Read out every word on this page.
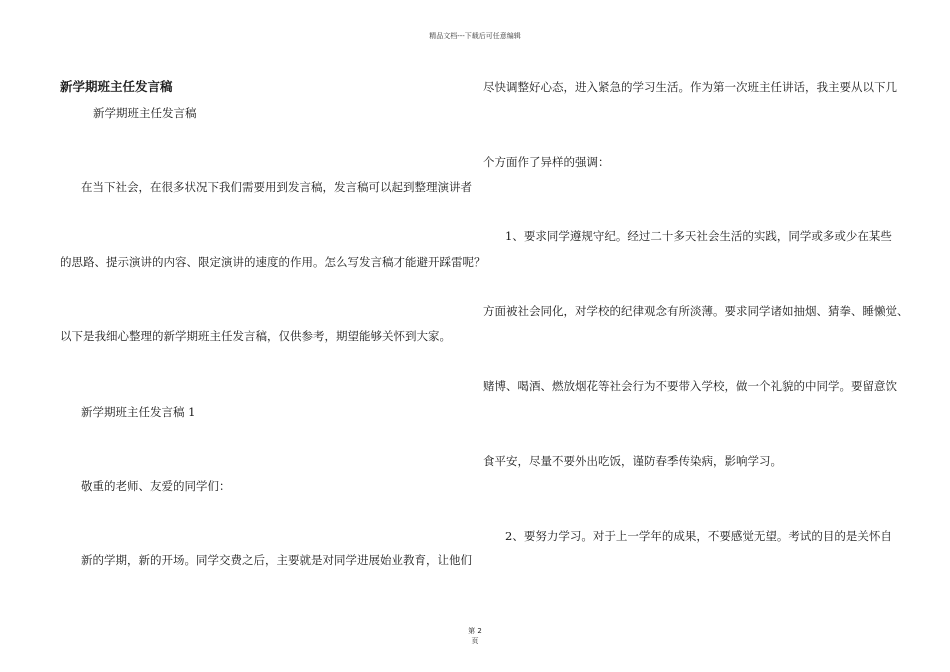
精品文档---下载后可任意编辑
新学期班主任发言稿
新学期班主任发言稿
在当下社会，在很多状况下我们需要用到发言稿，发言稿可以起到整理演讲者
的思路、提示演讲的内容、限定演讲的速度的作用。怎么写发言稿才能避开踩雷呢？
以下是我细心整理的新学期班主任发言稿，仅供参考，期望能够关怀到大家。
新学期班主任发言稿 1
敬重的老师、友爱的同学们：
新的学期，新的开场。同学交费之后，主要就是对同学进展始业教育，让他们
尽快调整好心态，进入紧急的学习生活。作为第一次班主任讲话，我主要从以下几
个方面作了异样的强调：
1、要求同学遵规守纪。经过二十多天社会生活的实践，同学或多或少在某些
方面被社会同化，对学校的纪律观念有所淡薄。要求同学诸如抽烟、猜拳、睡懒觉、
赌博、喝酒、燃放烟花等社会行为不要带入学校，做一个礼貌的中同学。要留意饮
食平安，尽量不要外出吃饭，谨防春季传染病，影响学习。
2、要努力学习。对于上一学年的成果，不要感觉无望。考试的目的是关怀自
第 2
页
